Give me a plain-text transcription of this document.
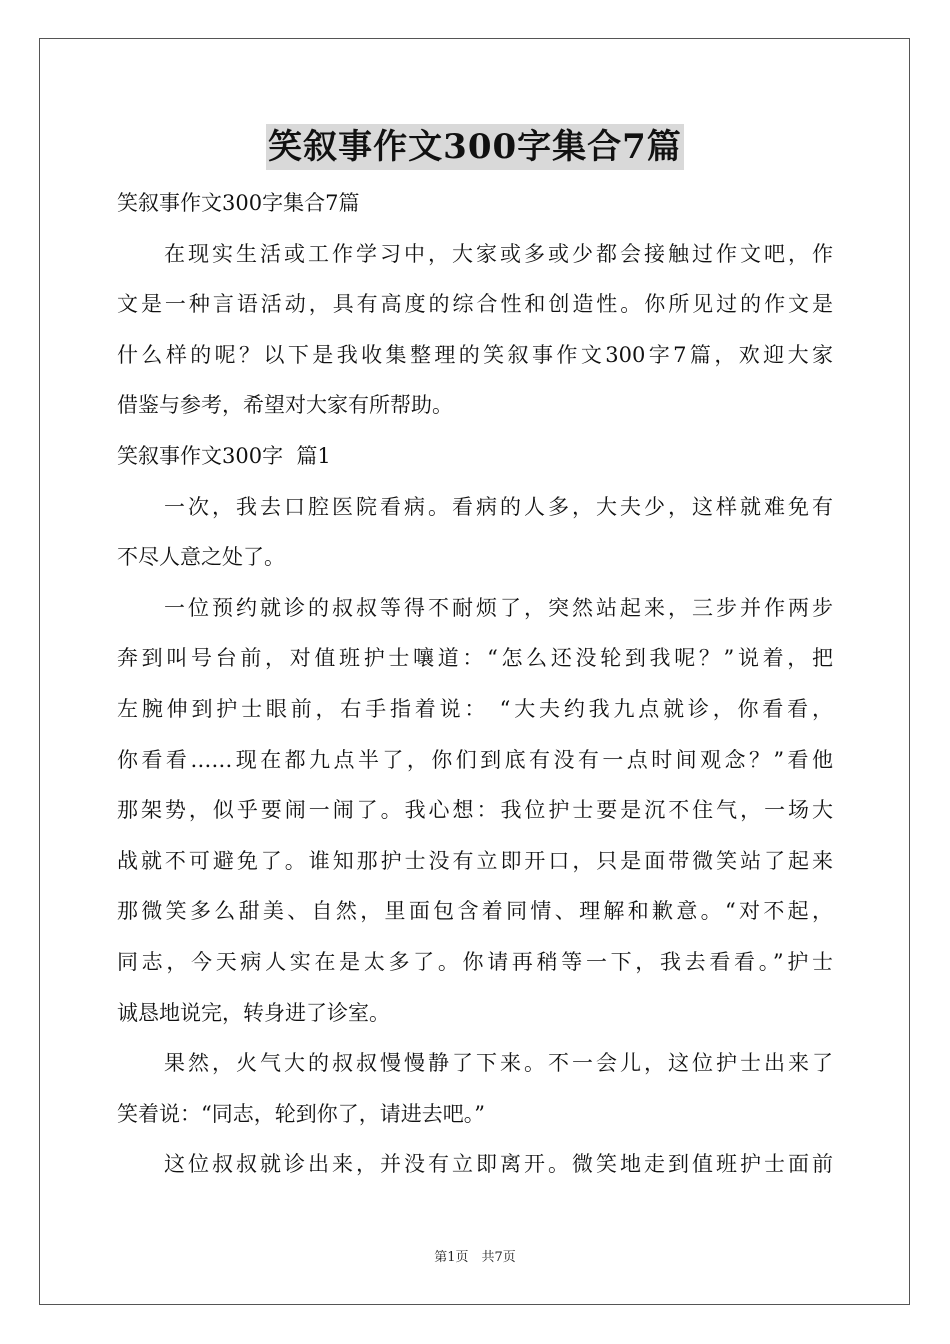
笑叙事作文300字集合7篇
笑叙事作文300字集合7篇
在现实生活或工作学习中，大家或多或少都会接触过作文吧，作
文是一种言语活动，具有高度的综合性和创造性。你所见过的作文是
什么样的呢？以下是我收集整理的笑叙事作文300字7篇，欢迎大家
借鉴与参考，希望对大家有所帮助。
笑叙事作文300字  篇1
一次，我去口腔医院看病。看病的人多，大夫少，这样就难免有
不尽人意之处了。
一位预约就诊的叔叔等得不耐烦了，突然站起来，三步并作两步
奔到叫号台前，对值班护士嚷道：“怎么还没轮到我呢？”说着，把
左腕伸到护士眼前，右手指着说： “大夫约我九点就诊，你看看，
你看看……现在都九点半了，你们到底有没有一点时间观念？”看他
那架势，似乎要闹一闹了。我心想：我位护士要是沉不住气，一场大
战就不可避免了。谁知那护士没有立即开口，只是面带微笑站了起来
那微笑多么甜美、自然，里面包含着同情、理解和歉意。“对不起，
同志，今天病人实在是太多了。你请再稍等一下，我去看看。”护士
诚恳地说完，转身进了诊室。
果然，火气大的叔叔慢慢静了下来。不一会儿，这位护士出来了
笑着说：“同志，轮到你了，请进去吧。”
这位叔叔就诊出来，并没有立即离开。微笑地走到值班护士面前
第1页　共7页
